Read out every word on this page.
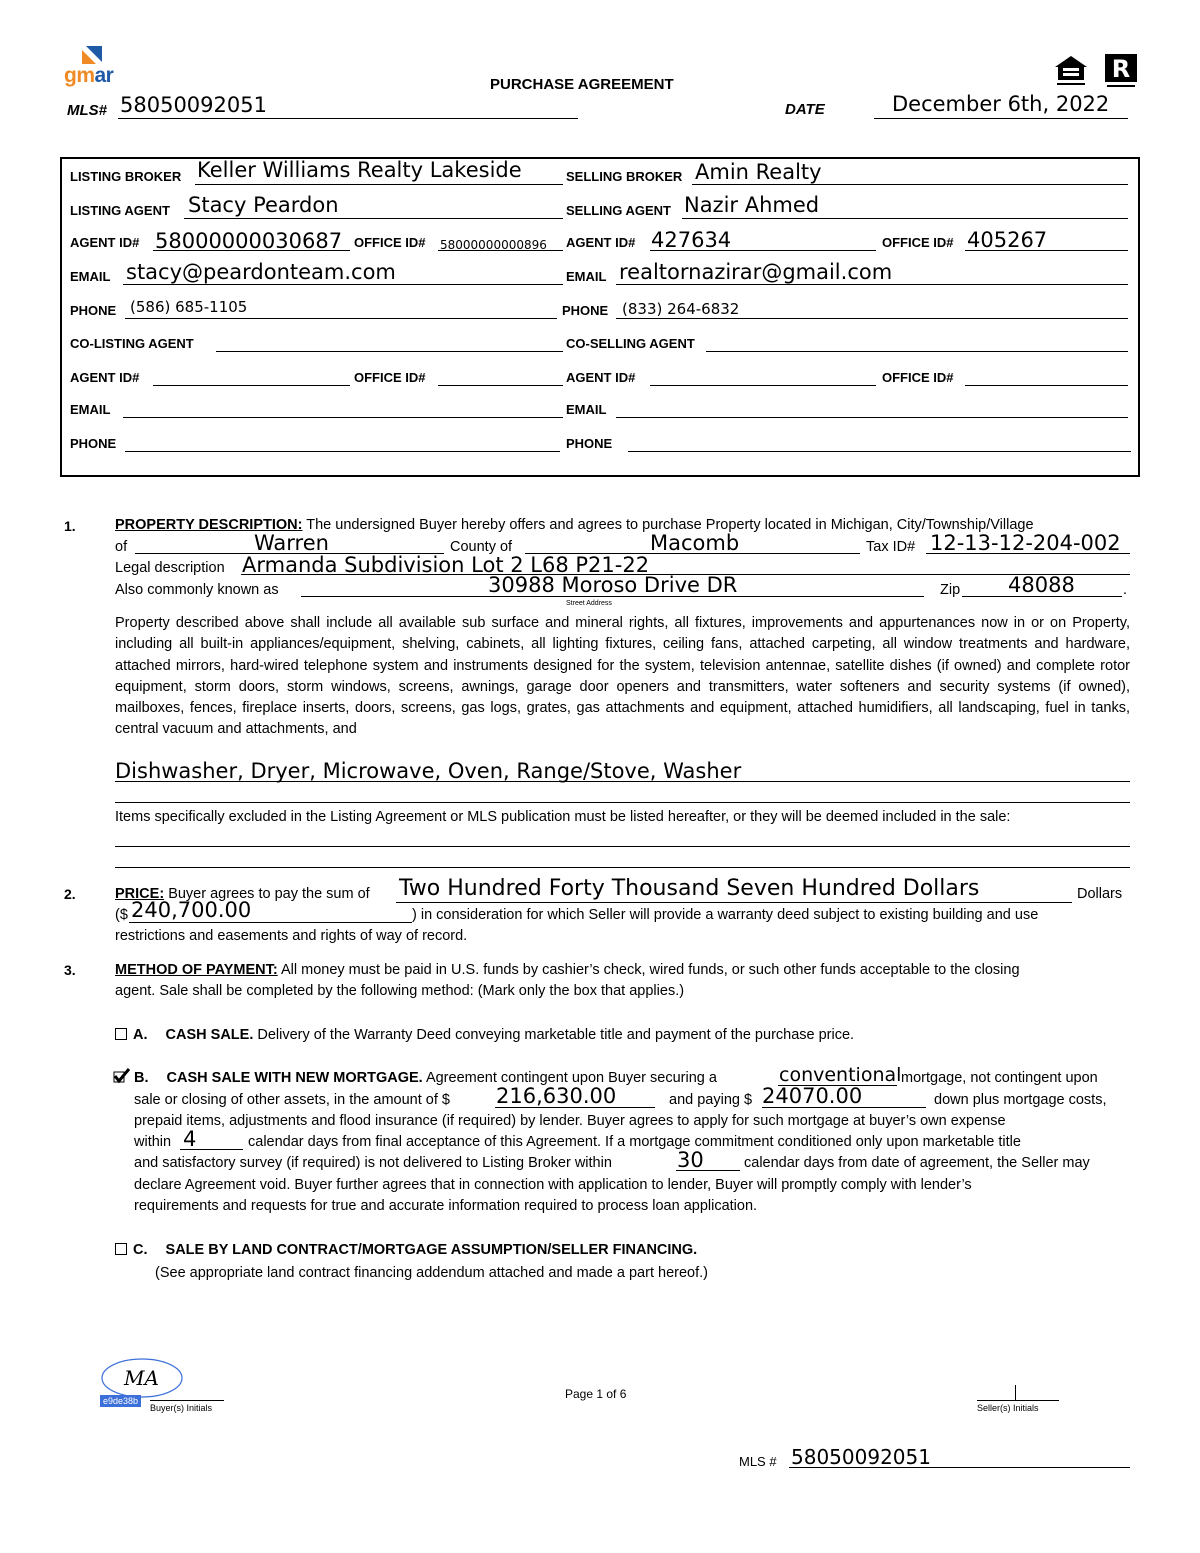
gmar	PURCHASE AGREEMENT
R
MLS# 58050092051	DATE	December 6th, 2022
LISTING BROKER Keller Williams Realty Lakeside	SELLING BROKER Amin Realty
LISTING AGENT Stacy Peardon	SELLING AGENT Nazir Ahmed
AGENT ID# 58000000030687 OFFICE ID# 58000000000896 AGENT ID# 427634	OFFICE ID# 405267
EMAIL stacy@peardonteam.com	EMAIL realtornazirar@gmail.com
PHONE (586) 685-1105	PHONE (833) 264-6832
CO-LISTING AGENT	CO-SELLING AGENT
AGENT ID#	OFFICE ID#	AGENT ID#	OFFICE ID#
EMAIL	EMAIL
PHONE	PHONE
1.	PROPERTY DESCRIPTION: The undersigned Buyer hereby offers and agrees to purchase Property located in Michigan, City/Township/Village
of	Warren	County of	Macomb	Tax ID# 12-13-12-204-002
Legal description Armanda Subdivision Lot 2 L68 P21-22
Also commonly known as	30988 Moroso Drive DR
Street Address
Zip 48088	.
Property described above shall include all available sub surface and mineral rights, all fixtures, improvements and appurtenances now in or on Property, including all built-in appliances/equipment, shelving, cabinets, all lighting fixtures, ceiling fans, attached carpeting, all window treatments and hardware, attached mirrors, hard-wired telephone system and instruments designed for the system, television antennae, satellite dishes (if owned) and complete rotor equipment, storm doors, storm windows, screens, awnings, garage door openers and transmitters, water softeners and security systems (if owned), mailboxes, fences, fireplace inserts, doors, screens, gas logs, grates, gas attachments and equipment, attached humidifiers, all landscaping, fuel in tanks, central vacuum and attachments, and
Dishwasher, Dryer, Microwave, Oven, Range/Stove, Washer
Items specifically excluded in the Listing Agreement or MLS publication must be listed hereafter, or they will be deemed included in the sale:
2.	PRICE: Buyer agrees to pay the sum of Two Hundred Forty Thousand Seven Hundred Dollars	Dollars
($ 240,700.00	) in consideration for which Seller will provide a warranty deed subject to existing building and use
restrictions and easements and rights of way of record.
3.	METHOD OF PAYMENT: All money must be paid in U.S. funds by cashier’s check, wired funds, or such other funds acceptable to the closing
agent. Sale shall be completed by the following method: (Mark only the box that applies.)
A. CASH SALE. Delivery of the Warranty Deed conveying marketable title and payment of the purchase price.
B. CASH SALE WITH NEW MORTGAGE. Agreement contingent upon Buyer securing a	conventional mortgage, not contingent upon
sale or closing of other assets, in the amount of $ 216,630.00	and paying $ 24070.00	down plus mortgage costs,
prepaid items, adjustments and flood insurance (if required) by lender. Buyer agrees to apply for such mortgage at buyer’s own expense
within 4	calendar days from final acceptance of this Agreement. If a mortgage commitment conditioned only upon marketable title
and satisfactory survey (if required) is not delivered to Listing Broker within	30	calendar days from date of agreement, the Seller may
declare Agreement void. Buyer further agrees that in connection with application to lender, Buyer will promptly comply with lender’s
requirements and requests for true and accurate information required to process loan application.
C. SALE BY LAND CONTRACT/MORTGAGE ASSUMPTION/SELLER FINANCING.
(See appropriate land contract financing addendum attached and made a part hereof.)
MA
e9de38b
Buyer(s) Initials
Page 1 of 6
Seller(s) Initials
MLS # 58050092051
